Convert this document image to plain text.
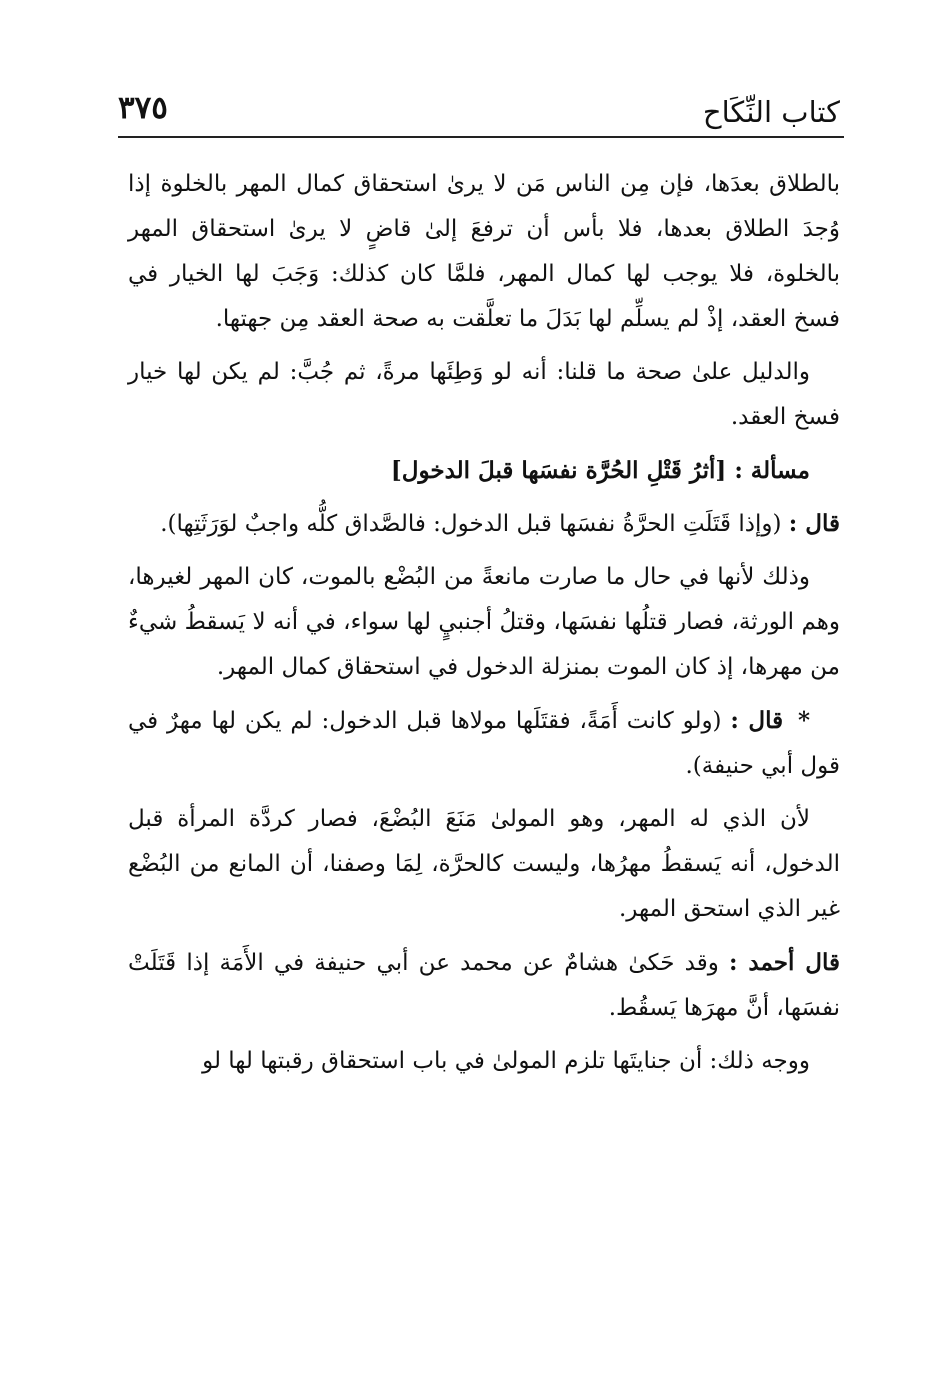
كتاب النِّكَاح
٣٧٥

بالطلاق بعدَها، فإن مِن الناس مَن لا يرىٰ استحقاق كمال المهر بالخلوة إذا وُجدَ الطلاق بعدها، فلا بأس أن ترفعَ إلىٰ قاضٍ لا يرىٰ استحقاق المهر بالخلوة، فلا يوجب لها كمال المهر، فلمَّا كان كذلك: وَجَبَ لها الخيار في فسخ العقد، إذْ لم يسلِّم لها بَدَلَ ما تعلَّقت به صحة العقد مِن جهتها.

والدليل علىٰ صحة ما قلنا: أنه لو وَطِئَها مرةً، ثم جُبَّ: لم يكن لها خيار فسخ العقد.

مسألة : [أثرُ قَتْلِ الحُرَّة نفسَها قبلَ الدخول]

قال : (وإذا قَتَلَتِ الحرَّةُ نفسَها قبل الدخول: فالصَّداق كلُّه واجبٌ لوَرَثَتِها).

وذلك لأنها في حال ما صارت مانعةً من البُضْع بالموت، كان المهر لغيرها، وهم الورثة، فصار قتلُها نفسَها، وقتلُ أجنبيٍ لها سواء، في أنه لا يَسقطُ شيءٌ من مهرها، إذ كان الموت بمنزلة الدخول في استحقاق كمال المهر.

* قال : (ولو كانت أَمَةً، فقتَلَها مولاها قبل الدخول: لم يكن لها مهرٌ في قول أبي حنيفة).

لأن الذي له المهر، وهو المولىٰ مَنَعَ البُضْعَ، فصار كردَّة المرأة قبل الدخول، أنه يَسقطُ مهرُها، وليست كالحرَّة، لِمَا وصفنا، أن المانع من البُضْع غير الذي استحق المهر.

قال أحمد : وقد حَكىٰ هشامٌ عن محمد عن أبي حنيفة في الأَمَة إذا قَتَلَتْ نفسَها، أنَّ مهرَها يَسقُط.

ووجه ذلك: أن جنايتَها تلزم المولىٰ في باب استحقاق رقبتها لها لو
